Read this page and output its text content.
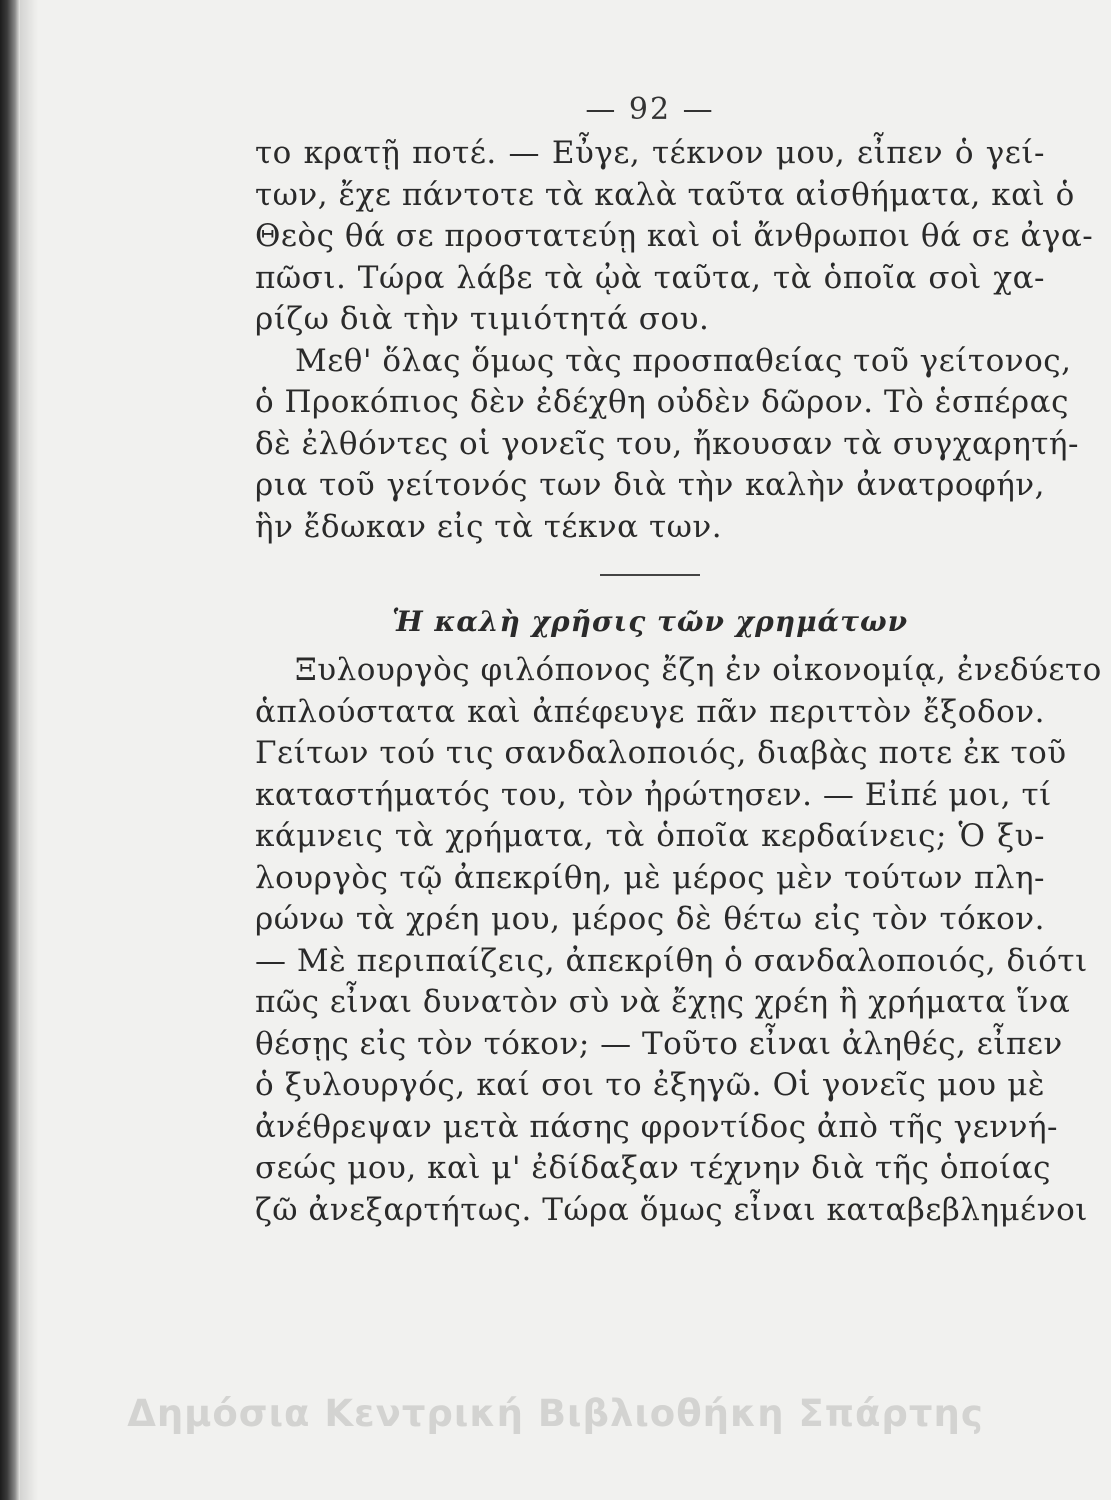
— 92 —
το κρατῇ ποτέ. — Εὖγε, τέκνον μου, εἶπεν ὁ γεί-
των, ἔχε πάντοτε τὰ καλὰ ταῦτα αἰσθήματα, καὶ ὁ
Θεὸς θά σε προστατεύῃ καὶ οἱ ἄνθρωποι θά σε ἀγα-
πῶσι. Τώρα λάβε τὰ ᾠὰ ταῦτα, τὰ ὁποῖα σοὶ χα-
ρίζω διὰ τὴν τιμιότητά σου.
Μεθ' ὅλας ὅμως τὰς προσπαθείας τοῦ γείτονος,
ὁ Προκόπιος δὲν ἐδέχθη οὐδὲν δῶρον. Τὸ ἑσπέρας
δὲ ἐλθόντες οἱ γονεῖς του, ἤκουσαν τὰ συγχαρητή-
ρια τοῦ γείτονός των διὰ τὴν καλὴν ἀνατροφήν,
ἣν ἔδωκαν εἰς τὰ τέκνα των.
Ἡ καλὴ χρῆσις τῶν χρημάτων
Ξυλουργὸς φιλόπονος ἔζη ἐν οἰκονομίᾳ, ἐνεδύετο
ἁπλούστατα καὶ ἀπέφευγε πᾶν περιττὸν ἔξοδον.
Γείτων τού τις σανδαλοποιός, διαβὰς ποτε ἐκ τοῦ
καταστήματός του, τὸν ἠρώτησεν. — Εἰπέ μοι, τί
κάμνεις τὰ χρήματα, τὰ ὁποῖα κερδαίνεις; Ὁ ξυ-
λουργὸς τῷ ἀπεκρίθη, μὲ μέρος μὲν τούτων πλη-
ρώνω τὰ χρέη μου, μέρος δὲ θέτω εἰς τὸν τόκον.
— Μὲ περιπαίζεις, ἀπεκρίθη ὁ σανδαλοποιός, διότι
πῶς εἶναι δυνατὸν σὺ νὰ ἔχῃς χρέη ἢ χρήματα ἵνα
θέσῃς εἰς τὸν τόκον; — Τοῦτο εἶναι ἀληθές, εἶπεν
ὁ ξυλουργός, καί σοι το ἐξηγῶ. Οἱ γονεῖς μου μὲ
ἀνέθρεψαν μετὰ πάσης φροντίδος ἀπὸ τῆς γεννή-
σεώς μου, καὶ μ' ἐδίδαξαν τέχνην διὰ τῆς ὁποίας
ζῶ ἀνεξαρτήτως. Τώρα ὅμως εἶναι καταβεβλημένοι
Δημόσια Κεντρική Βιβλιοθήκη Σπάρτης
